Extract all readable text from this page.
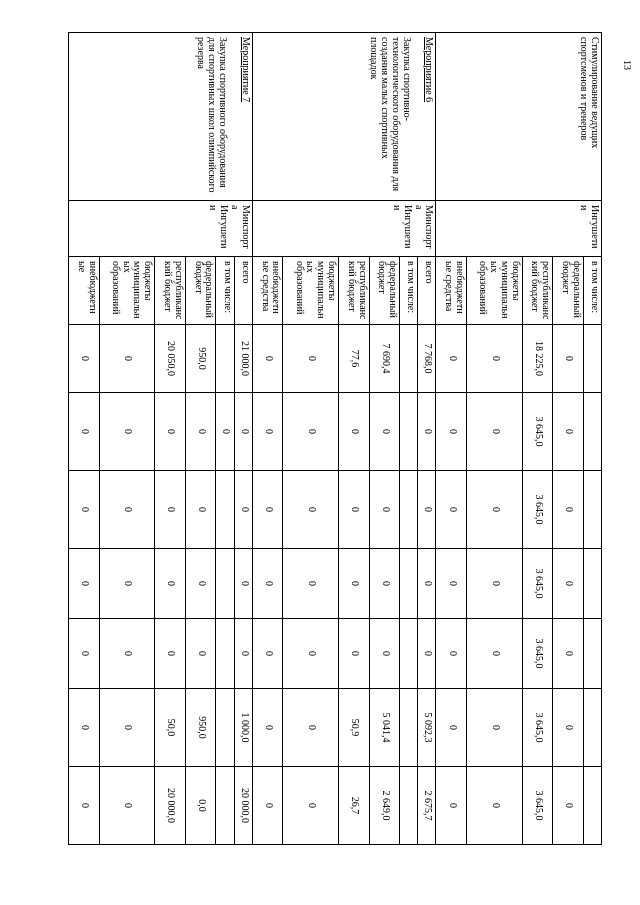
13
Стимулирование ведущих спортсменов и тренеров	Ингушетии	в том числе:							
		федеральный бюджет	0	0	0	0	0	0	0
		республиканский бюджет	18 225,0	3 645,0	3 645,0	3 645,0	3 645,0	3 645,0	3 645,0
		бюджеты муниципальных образований	0	0	0	0	0	0	0
		внебюджетные средства	0	0	0	0	0	0	0
Мероприятие 6
Закупка спортивно-технологического оборудования для создания малых спортивных площадок	Минспорта Ингушетии	всего	7 768,0	0	0	0	0	5 092,3	2 675,7
		в том числе:							
		федеральный бюджет	7 690,4	0	0	0	0	5 041,4	2 649,0
		республиканский бюджет	77,6	0	0	0	0	50,9	26,7
		бюджеты муниципальных образований	0	0	0	0	0	0	0
		внебюджетные средства	0	0	0	0	0	0	0
Мероприятие 7
Закупка спортивного оборудования для спортивных школ олимпийского резерва	Минспорта Ингушетии	всего	21 000,0	0	0	0	0	1 000,0	20 000,0
		в том числе:		0					
		федеральный бюджет	950,0	0	0	0	0	950,0	0,0
		республиканский бюджет	20 050,0	0	0	0	0	50,0	20 000,0
		бюджеты муниципальных образований	0	0	0	0	0	0	0
		внебюджетные	0	0	0	0	0	0	0
